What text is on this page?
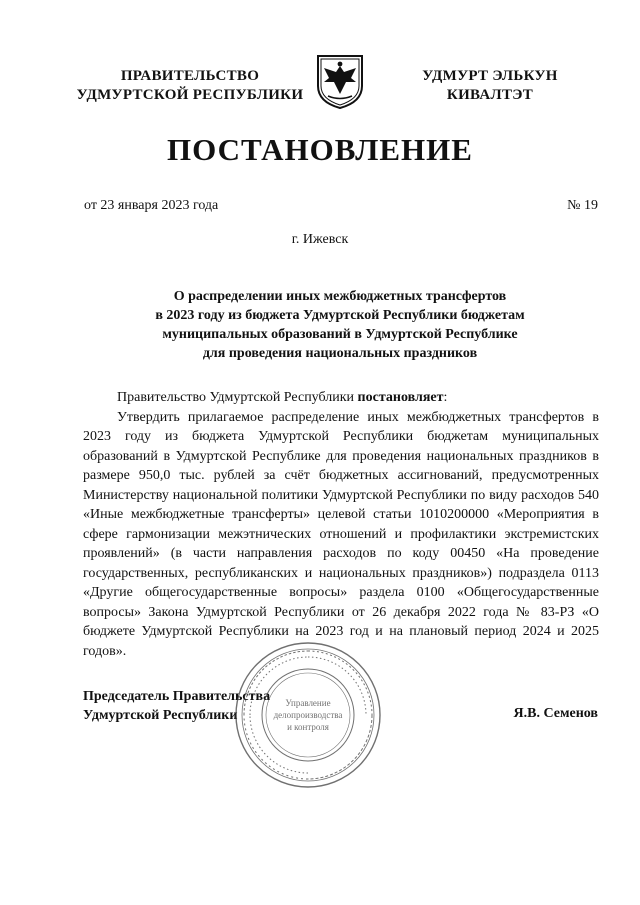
ПРАВИТЕЛЬСТВО
УДМУРТСКОЙ РЕСПУБЛИКИ
УДМУРТ ЭЛЬКУН
КИВАЛТЭТ
ПОСТАНОВЛЕНИЕ
от 23 января 2023 года	№ 19
г. Ижевск
О распределении иных межбюджетных трансфертов
в 2023 году из бюджета Удмуртской Республики бюджетам
муниципальных образований в Удмуртской Республике
для проведения национальных праздников

Правительство Удмуртской Республики постановляет:

Утвердить прилагаемое распределение иных межбюджетных трансфертов в 2023 году из бюджета Удмуртской Республики бюджетам муниципальных образований в Удмуртской Республике для проведения национальных праздников в размере 950,0 тыс. рублей за счёт бюджетных ассигнований, предусмотренных Министерству национальной политики Удмуртской Республики по виду расходов 540 «Иные межбюджетные трансферты» целевой статьи 1010200000 «Мероприятия в сфере гармонизации межэтнических отношений и профилактики экстремистских проявлений» (в части направления расходов по коду 00450 «На проведение государственных, республиканских и национальных праздников») подраздела 0113 «Другие общегосударственные вопросы» раздела 0100 «Общегосударственные вопросы» Закона Удмуртской Республики от 26 декабря 2022 года № 83-РЗ «О бюджете Удмуртской Республики на 2023 год и на плановый период 2024 и 2025 годов».

Председатель Правительства
Удмуртской Республики	Я.В. Семенов
Управление
делопроизводства
и контроля
